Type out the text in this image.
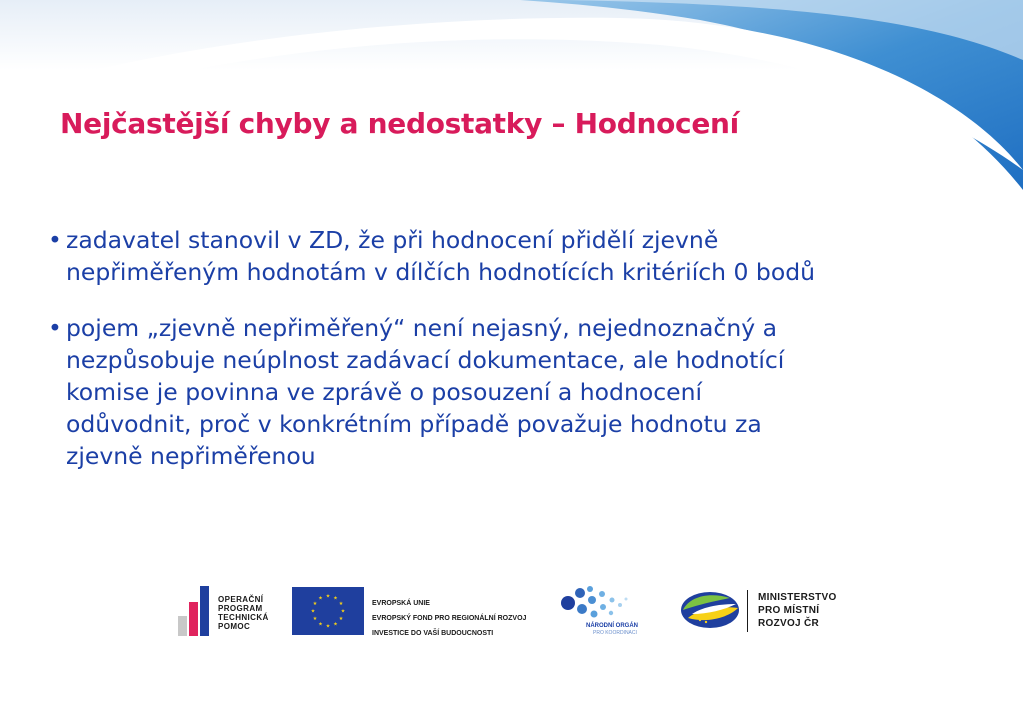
Nejčastější chyby a nedostatky – Hodnocení
• zadavatel stanovil v ZD, že při hodnocení přidělí zjevně
nepřiměřeným hodnotám v dílčích hodnotících kritériích 0 bodů
• pojem „zjevně nepřiměřený“ není nejasný, nejednoznačný a
nezpůsobuje neúplnost zadávací dokumentace, ale hodnotící
komise je povinna ve zprávě o posouzení a hodnocení
odůvodnit, proč v konkrétním případě považuje hodnotu za
zjevně nepřiměřenou
OPERAČNÍ
PROGRAM
TECHNICKÁ
POMOC
★ ★
★
★
★
★
★
★
★
★
★
★
EVROPSKÁ UNIE
EVROPSKÝ FOND PRO REGIONÁLNÍ ROZVOJ
INVESTICE DO VAŠÍ BUDOUCNOSTI
NÁRODNÍ ORGÁN
PRO KOORDINACI
MINISTERSTVO
PRO MÍSTNÍ
ROZVOJ ČR
